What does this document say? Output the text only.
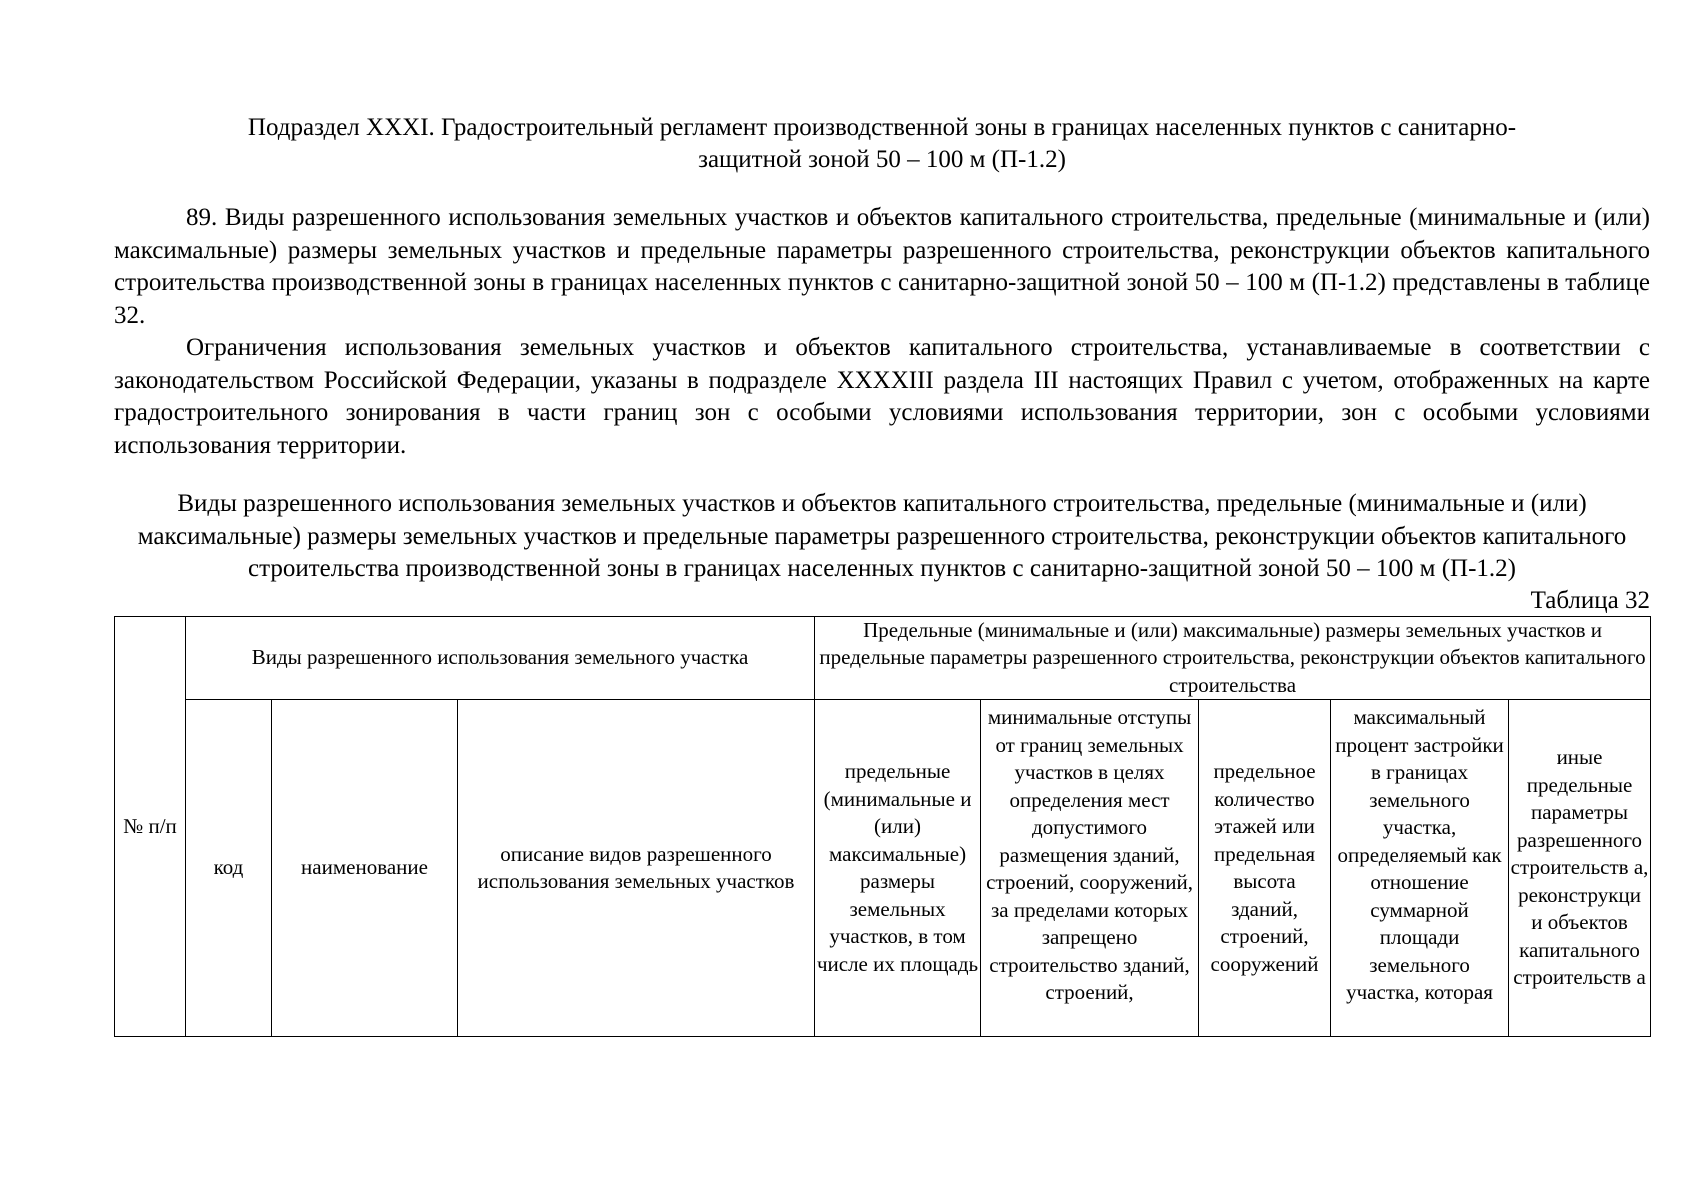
Подраздел XXXI. Градостроительный регламент производственной зоны в границах населенных пунктов с санитарно-
защитной зоной 50 – 100 м (П-1.2)

89. Виды разрешенного использования земельных участков и объектов капитального строительства, предельные (минимальные и (или) максимальные) размеры земельных участков и предельные параметры разрешенного строительства, реконструкции объектов капитального строительства производственной зоны в границах населенных пунктов с санитарно-защитной зоной 50 – 100 м (П-1.2) представлены в таблице 32.

Ограничения использования земельных участков и объектов капитального строительства, устанавливаемые в соответствии с законодательством Российской Федерации, указаны в подразделе XXXXIII раздела III настоящих Правил с учетом, отображенных на карте градостроительного зонирования в части границ зон с особыми условиями использования территории, зон с особыми условиями использования территории.

Виды разрешенного использования земельных участков и объектов капитального строительства, предельные (минимальные и (или) максимальные) размеры земельных участков и предельные параметры разрешенного строительства, реконструкции объектов капитального строительства производственной зоны в границах населенных пунктов с санитарно-защитной зоной 50 – 100 м (П-1.2)
Таблица 32
№ п/п	Виды разрешенного использования земельного участка			Предельные (минимальные и (или) максимальные) размеры земельных участков и предельные параметры разрешенного строительства, реконструкции объектов капитального строительства				
	код	наименование	описание видов разрешенного использования земельных участков	предельные (минимальные и (или) максимальные) размеры земельных участков, в том числе их площадь	минимальные отступы от границ земельных участков в целях определения мест допустимого размещения зданий, строений, сооружений, за пределами которых запрещено строительство зданий, строений,	предельное количество этажей или предельная высота зданий, строений, сооружений	максимальный процент застройки в границах земельного участка, определяемый как отношение суммарной площади земельного участка, которая	иные предельные параметры разрешенного строительств а, реконструкци и объектов капитального строительств а
